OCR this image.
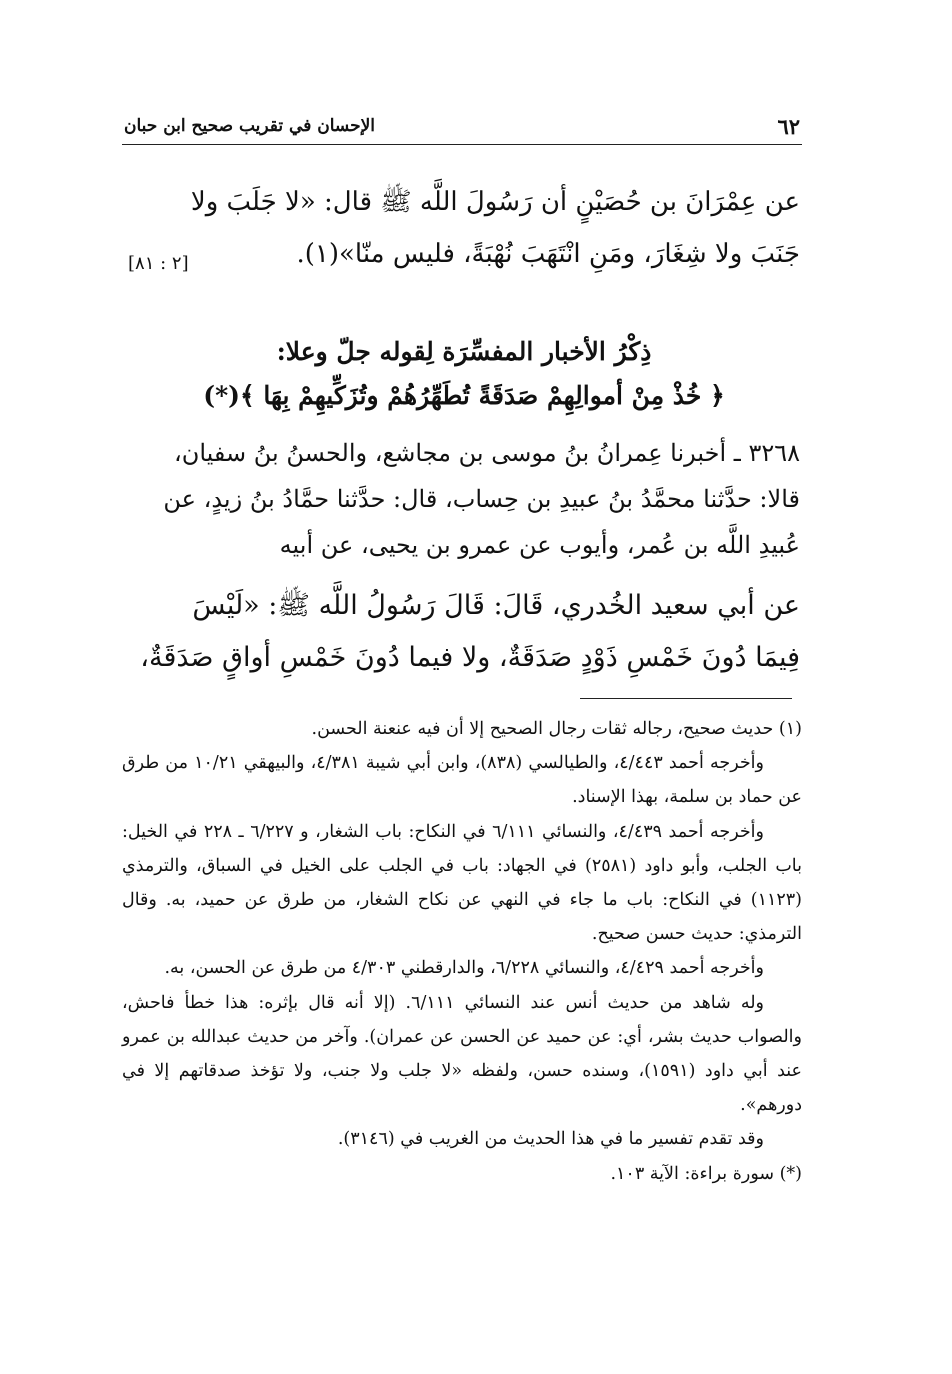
٦٢
الإحسان في تقريب صحيح ابن حبان

عن عِمْرَانَ بن حُصَيْنٍ أن رَسُولَ اللَّه ﷺ قال: «لا جَلَبَ ولا

جَنَبَ ولا شِغَارَ، ومَنِ انْتَهَبَ نُهْبَةً، فليس منّا»(١).

[٢ : ٨١]

ذِكْرُ الأخبار المفسِّرَة لِقوله جلّ وعلا:

﴿ خُذْ مِنْ أموالِهِمْ صَدَقَةً تُطَهِّرُهُمْ وتُزَكِّيهِمْ بِهَا ﴾(*)

٣٢٦٨ ـ أخبرنا عِمرانُ بنُ موسى بن مجاشع، والحسنُ بنُ سفيان،

قالا: حدَّثنا محمَّدُ بنُ عبيدِ بن حِساب، قال: حدَّثنا حمَّادُ بنُ زيدٍ، عن

عُبيدِ اللَّه بن عُمر، وأيوب عن عمرو بن يحيى، عن أبيه

عن أبي سعيد الخُدري، قَالَ: قَالَ رَسُولُ اللَّه ﷺ: «لَيْسَ

فِيمَا دُونَ خَمْسِ ذَوْدٍ صَدَقَةٌ، ولا فيما دُونَ خَمْسِ أواقٍ صَدَقَةٌ،

(١) حديث صحيح، رجاله ثقات رجال الصحيح إلا أن فيه عنعنة الحسن.

وأخرجه أحمد ٤/٤٤٣، والطيالسي (٨٣٨)، وابن أبي شيبة ٤/٣٨١، والبيهقي ١٠/٢١ من طرق عن حماد بن سلمة، بهذا الإسناد.

وأخرجه أحمد ٤/٤٣٩، والنسائي ٦/١١١ في النكاح: باب الشغار، و ٦/٢٢٧ ـ ٢٢٨ في الخيل: باب الجلب، وأبو داود (٢٥٨١) في الجهاد: باب في الجلب على الخيل في السباق، والترمذي (١١٢٣) في النكاح: باب ما جاء في النهي عن نكاح الشغار، من طرق عن حميد، به. وقال الترمذي: حديث حسن صحيح.

وأخرجه أحمد ٤/٤٢٩، والنسائي ٦/٢٢٨، والدارقطني ٤/٣٠٣ من طرق عن الحسن، به.

وله شاهد من حديث أنس عند النسائي ٦/١١١. (إلا أنه قال بإثره: هذا خطأ فاحش، والصواب حديث بشر، أي: عن حميد عن الحسن عن عمران). وآخر من حديث عبدالله بن عمرو عند أبي داود (١٥٩١)، وسنده حسن، ولفظه «لا جلب ولا جنب، ولا تؤخذ صدقاتهم إلا في دورهم».

وقد تقدم تفسير ما في هذا الحديث من الغريب في (٣١٤٦).

(*) سورة براءة: الآية ١٠٣.
